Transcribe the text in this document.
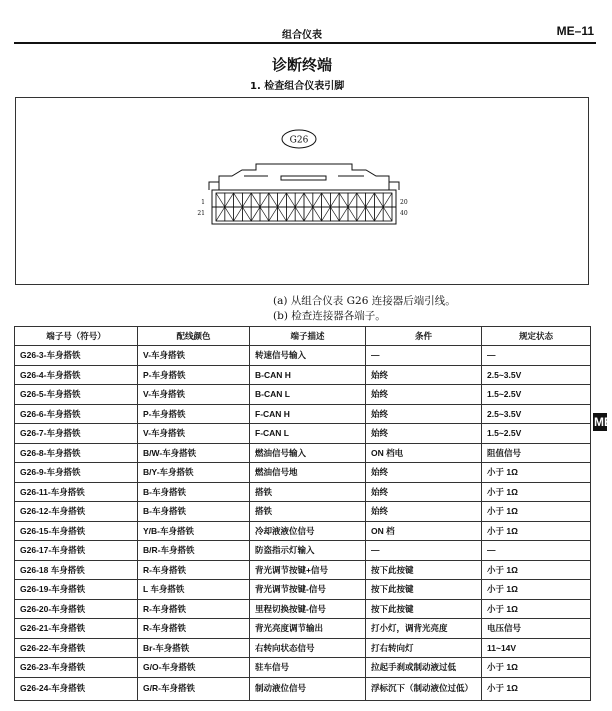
组合仪表	ME–11
诊断终端
1. 检查组合仪表引脚
G26
1
21
20
40
(a) 从组合仪表 G26 连接器后端引线。
(b) 检查连接器各端子。
ME
端子号（符号）	配线颜色	端子描述	条件	规定状态
G26-3-车身搭铁	V-车身搭铁	转速信号输入	—	—
G26-4-车身搭铁	P-车身搭铁	B-CAN H	始终	2.5~3.5V
G26-5-车身搭铁	V-车身搭铁	B-CAN L	始终	1.5~2.5V
G26-6-车身搭铁	P-车身搭铁	F-CAN H	始终	2.5~3.5V
G26-7-车身搭铁	V-车身搭铁	F-CAN L	始终	1.5~2.5V
G26-8-车身搭铁	B/W-车身搭铁	燃油信号输入	ON 档电	阻值信号
G26-9-车身搭铁	B/Y-车身搭铁	燃油信号地	始终	小于 1Ω
G26-11-车身搭铁	B-车身搭铁	搭铁	始终	小于 1Ω
G26-12-车身搭铁	B-车身搭铁	搭铁	始终	小于 1Ω
G26-15-车身搭铁	Y/B-车身搭铁	冷却液液位信号	ON 档	小于 1Ω
G26-17-车身搭铁	B/R-车身搭铁	防盗指示灯输入	—	—
G26-18 车身搭铁	R-车身搭铁	背光调节按键+信号	按下此按键	小于 1Ω
G26-19-车身搭铁	L 车身搭铁	背光调节按键-信号	按下此按键	小于 1Ω
G26-20-车身搭铁	R-车身搭铁	里程切换按键-信号	按下此按键	小于 1Ω
G26-21-车身搭铁	R-车身搭铁	背光亮度调节输出	打小灯，调背光亮度	电压信号
G26-22-车身搭铁	Br-车身搭铁	右转向状态信号	打右转向灯	11~14V
G26-23-车身搭铁	G/O-车身搭铁	驻车信号	拉起手刹或制动液过低	小于 1Ω
G26-24-车身搭铁	G/R-车身搭铁	制动液位信号	浮标沉下（制动液位过低）	小于 1Ω
